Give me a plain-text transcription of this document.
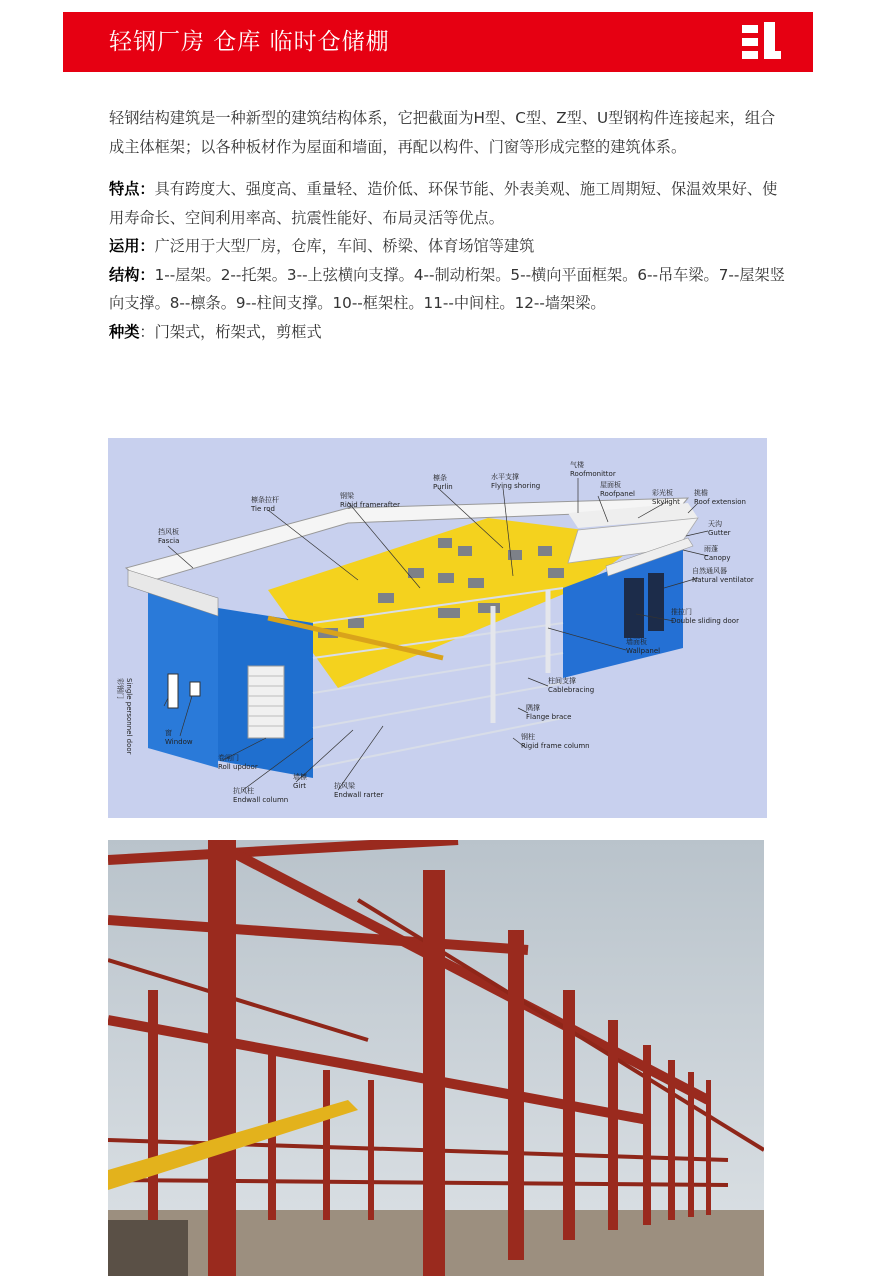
轻钢厂房 仓库 临时仓储棚

轻钢结构建筑是一种新型的建筑结构体系，它把截面为H型、C型、Z型、U型钢构件连接起来，组合成主体框架；以各种板材作为屋面和墙面，再配以构件、门窗等形成完整的建筑体系。

特点：具有跨度大、强度高、重量轻、造价低、环保节能、外表美观、施工周期短、保温效果好、使用寿命长、空间利用率高、抗震性能好、布局灵活等优点。

运用：广泛用于大型厂房，仓库，车间、桥梁、体育场馆等建筑

结构：1--屋架。2--托架。3--上弦横向支撑。4--制动桁架。5--横向平面框架。6--吊车梁。7--屋架竖向支撑。8--檩条。9--柱间支撑。10--框架柱。11--中间柱。12--墙架梁。

种类：门架式，桁架式，剪框式

挡风板
Fascia
檩条拉杆
Tie rod
钢梁
Rigid framerafter
檩条
Purlin
水平支撑
Flying shoring
气楼
Roofmonittor
屋面板
Roofpanel 彩光板
Skylight
挑檐
Roof extension
天沟
Gutter
雨蓬
Canopy
自然通风器
Natural ventilator
推拉门
Double sliding door
墙面板
Wallpanel
柱间支撑
Cablebracing
隅撑
Flange brace
钢柱
Rigid frame column
窗
Window
卷闸门
Roll updoor
墙檩
Girt
抗风柱
Endwall column
抗风梁
Endwall rarter
彩钢门 Single personnel door
